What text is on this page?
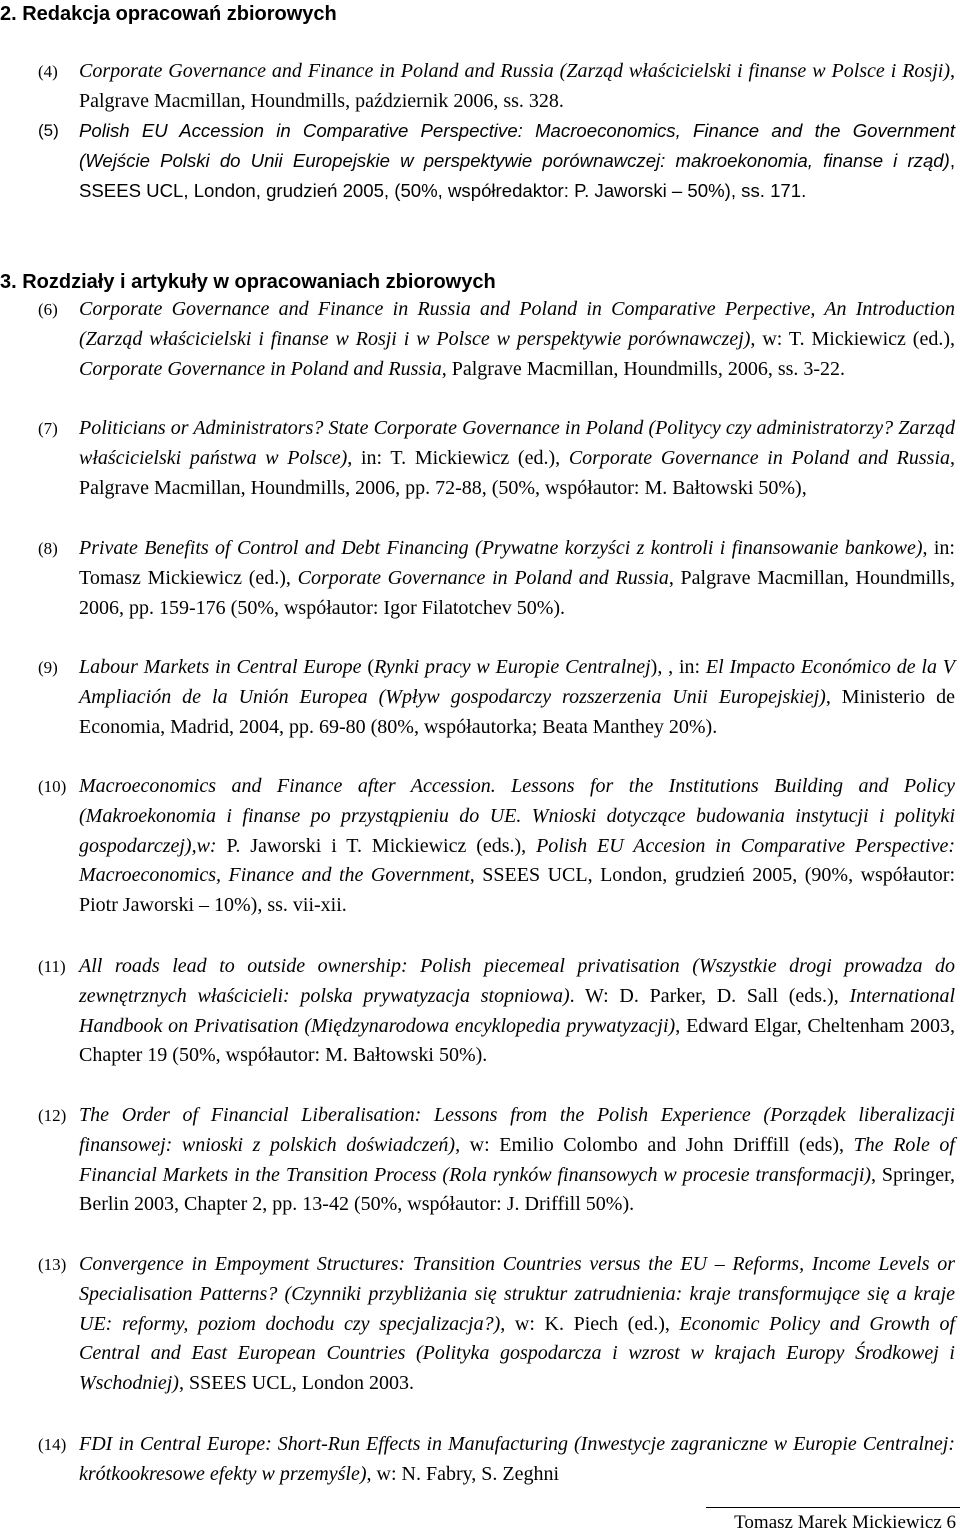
2. Redakcja opracowań zbiorowych
(4) Corporate Governance and Finance in Poland and Russia (Zarząd właścicielski i finanse w Polsce i Rosji), Palgrave Macmillan, Houndmills, październik 2006, ss. 328.
(5) Polish EU Accession in Comparative Perspective: Macroeconomics, Finance and the Government (Wejście Polski do Unii Europejskie w perspektywie porównawczej: makroekonomia, finanse i rząd), SSEES UCL, London, grudzień 2005, (50%, współredaktor: P. Jaworski – 50%), ss. 171.
3. Rozdziały i artykuły w opracowaniach zbiorowych
(6) Corporate Governance and Finance in Russia and Poland in Comparative Perpective, An Introduction (Zarząd właścicielski i finanse w Rosji i w Polsce w perspektywie porównawczej), w: T. Mickiewicz (ed.), Corporate Governance in Poland and Russia, Palgrave Macmillan, Houndmills, 2006, ss. 3-22.
(7) Politicians or Administrators? State Corporate Governance in Poland (Politycy czy administratorzy? Zarząd właścicielski państwa w Polsce), in: T. Mickiewicz (ed.), Corporate Governance in Poland and Russia, Palgrave Macmillan, Houndmills, 2006, pp. 72-88, (50%, współautor: M. Bałtowski 50%),
(8) Private Benefits of Control and Debt Financing (Prywatne korzyści z kontroli i finansowanie bankowe), in: Tomasz Mickiewicz (ed.), Corporate Governance in Poland and Russia, Palgrave Macmillan, Houndmills, 2006, pp. 159-176 (50%, współautor: Igor Filatotchev 50%).
(9) Labour Markets in Central Europe (Rynki pracy w Europie Centralnej), , in: El Impacto Económico de la V Ampliación de la Unión Europea (Wpływ gospodarczy rozszerzenia Unii Europejskiej), Ministerio de Economia, Madrid, 2004, pp. 69-80 (80%, współautorka; Beata Manthey 20%).
(10) Macroeconomics and Finance after Accession. Lessons for the Institutions Building and Policy (Makroekonomia i finanse po przystąpieniu do UE. Wnioski dotyczące budowania instytucji i polityki gospodarczej),w: P. Jaworski i T. Mickiewicz (eds.), Polish EU Accesion in Comparative Perspective: Macroeconomics, Finance and the Government, SSEES UCL, London, grudzień 2005, (90%, współautor: Piotr Jaworski – 10%), ss. vii-xii.
(11) All roads lead to outside ownership: Polish piecemeal privatisation (Wszystkie drogi prowadza do zewnętrznych właścicieli: polska prywatyzacja stopniowa). W: D. Parker, D. Sall (eds.), International Handbook on Privatisation (Międzynarodowa encyklopedia prywatyzacji), Edward Elgar, Cheltenham 2003, Chapter 19 (50%, współautor: M. Bałtowski 50%).
(12) The Order of Financial Liberalisation: Lessons from the Polish Experience (Porządek liberalizacji finansowej: wnioski z polskich doświadczeń), w: Emilio Colombo and John Driffill (eds), The Role of Financial Markets in the Transition Process (Rola rynków finansowych w procesie transformacji), Springer, Berlin 2003, Chapter 2, pp. 13-42 (50%, współautor: J. Driffill 50%).
(13) Convergence in Empoyment Structures: Transition Countries versus the EU – Reforms, Income Levels or Specialisation Patterns? (Czynniki przybliżania się struktur zatrudnienia: kraje transformujące się a kraje UE: reformy, poziom dochodu czy specjalizacja?), w: K. Piech (ed.), Economic Policy and Growth of Central and East European Countries (Polityka gospodarcza i wzrost w krajach Europy Środkowej i Wschodniej), SSEES UCL, London 2003.
(14) FDI in Central Europe: Short-Run Effects in Manufacturing (Inwestycje zagraniczne w Europie Centralnej: krótkookresowe efekty w przemyśle), w: N. Fabry, S. Zeghni
Tomasz Marek Mickiewicz 6
